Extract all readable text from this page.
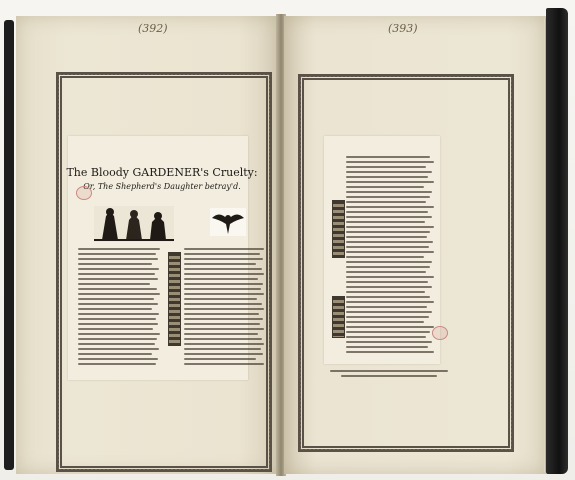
(392)
The Bloody GARDENER's Cruelty:
Or, The Shepherd's Daughter betray'd.
(393)
